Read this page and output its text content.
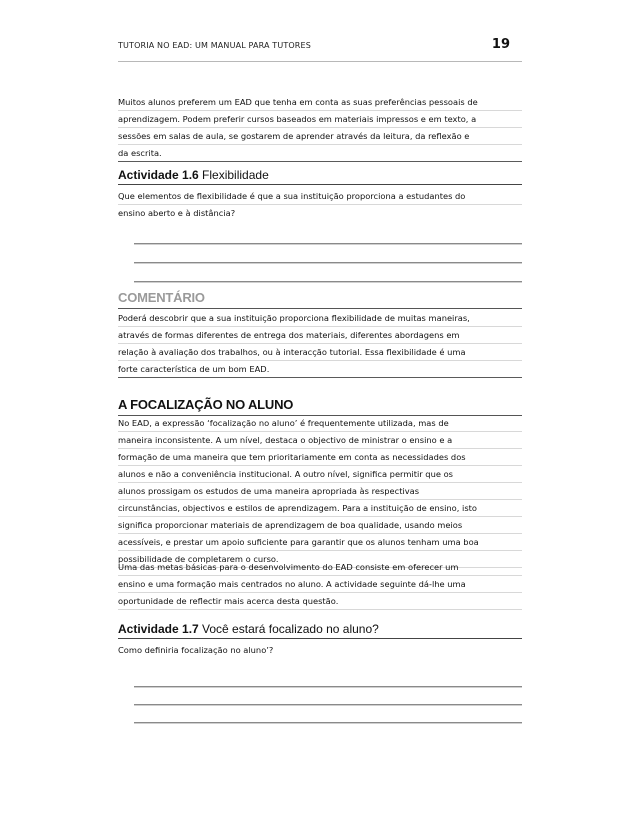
TUTORIA NO EAD: UM MANUAL PARA TUTORES	19
Muitos alunos preferem um EAD que tenha em conta as suas preferências pessoais de
aprendizagem. Podem preferir cursos baseados em materiais impressos e em texto, a
sessões em salas de aula, se gostarem de aprender através da leitura, da reflexão e
da escrita.
Actividade 1.6 Flexibilidade
Que elementos de flexibilidade é que a sua instituição proporciona a estudantes do
ensino aberto e à distância?
COMENTÁRIO
Poderá descobrir que a sua instituição proporciona flexibilidade de muitas maneiras,
através de formas diferentes de entrega dos materiais, diferentes abordagens em
relação à avaliação dos trabalhos, ou à interacção tutorial. Essa flexibilidade é uma
forte característica de um bom EAD.
A FOCALIZAÇÃO NO ALUNO
No EAD, a expressão ‘focalização no aluno’ é frequentemente utilizada, mas de
maneira inconsistente. A um nível, destaca o objectivo de ministrar o ensino e a
formação de uma maneira que tem prioritariamente em conta as necessidades dos
alunos e não a conveniência institucional. A outro nível, significa permitir que os
alunos prossigam os estudos de uma maneira apropriada às respectivas
circunstâncias, objectivos e estilos de aprendizagem. Para a instituição de ensino, isto
significa proporcionar materiais de aprendizagem de boa qualidade, usando meios
acessíveis, e prestar um apoio suficiente para garantir que os alunos tenham uma boa
possibilidade de completarem o curso.
Uma das metas básicas para o desenvolvimento do EAD consiste em oferecer um
ensino e uma formação mais centrados no aluno. A actividade seguinte dá-lhe uma
oportunidade de reflectir mais acerca desta questão.
Actividade 1.7 Você estará focalizado no aluno?
Como definiria focalização no aluno’?
